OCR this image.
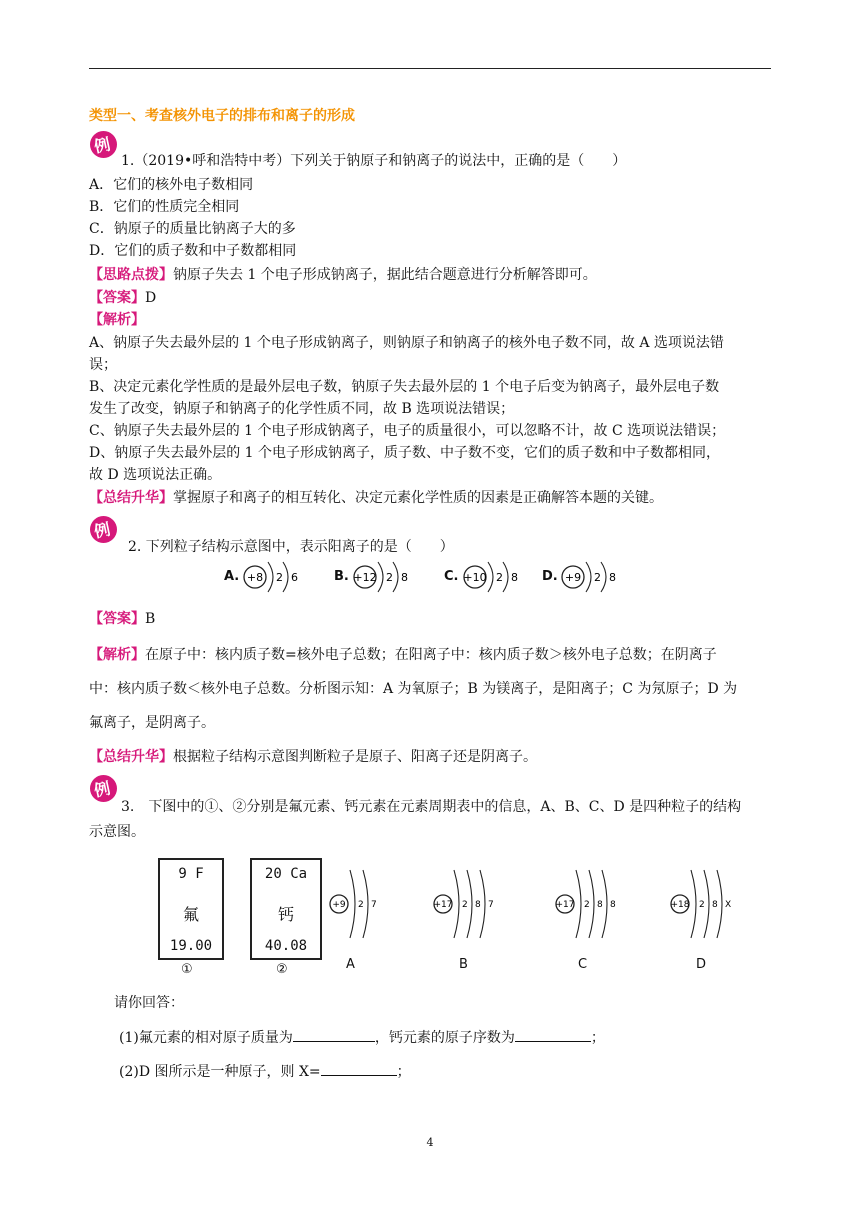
类型一、考查核外电子的排布和离子的形成
例
1.（2019•呼和浩特中考）下列关于钠原子和钠离子的说法中，正确的是（　　）
A．它们的核外电子数相同
B．它们的性质完全相同
C．钠原子的质量比钠离子大的多
D．它们的质子数和中子数都相同
【思路点拨】钠原子失去 1 个电子形成钠离子，据此结合题意进行分析解答即可。
【答案】D
【解析】
A、钠原子失去最外层的 1 个电子形成钠离子，则钠原子和钠离子的核外电子数不同，故 A 选项说法错
误；
B、决定元素化学性质的是最外层电子数，钠原子失去最外层的 1 个电子后变为钠离子，最外层电子数
发生了改变，钠原子和钠离子的化学性质不同，故 B 选项说法错误；
C、钠原子失去最外层的 1 个电子形成钠离子，电子的质量很小，可以忽略不计，故 C 选项说法错误；
D、钠原子失去最外层的 1 个电子形成钠离子，质子数、中子数不变，它们的质子数和中子数都相同，
故 D 选项说法正确。
【总结升华】掌握原子和离子的相互转化、决定元素化学性质的因素是正确解答本题的关键。
例
2. 下列粒子结构示意图中，表示阳离子的是（　　）
A. +8 2 6	B. +12 2 8	C. +10 2 8 D. +9 2 8
【答案】B
【解析】在原子中：核内质子数=核外电子总数；在阳离子中：核内质子数＞核外电子总数；在阴离子
中：核内质子数＜核外电子总数。分析图示知：A 为氧原子；B 为镁离子，是阳离子；C 为氖原子；D 为
氟离子，是阴离子。
【总结升华】根据粒子结构示意图判断粒子是原子、阳离子还是阴离子。
例
3.　下图中的①、②分别是氟元素、钙元素在元素周期表中的信息，A、B、C、D 是四种粒子的结构
示意图。
9 F
氟
19.00
①
20 Ca
钙
40.08
②
+9 2 7
A
+17 2 8 7
B
+17 2 8 8
C
+18 2 8 X
D
请你回答：
(1)氟元素的相对原子质量为	，钙元素的原子序数为	；
(2)D 图所示是一种原子，则 X=	；
4
